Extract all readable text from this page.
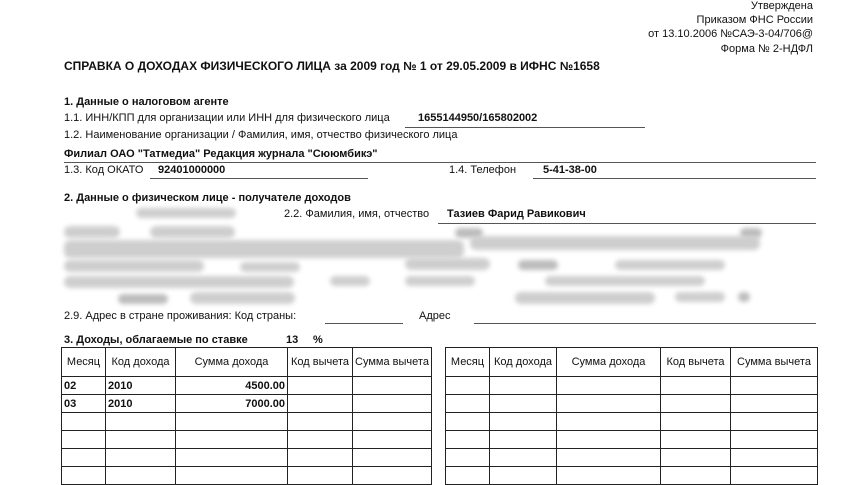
Утверждена
Приказом ФНС России
от 13.10.2006 №САЭ-3-04/706@
Форма № 2-НДФЛ
СПРАВКА О ДОХОДАХ ФИЗИЧЕСКОГО ЛИЦА за 2009 год № 1 от 29.05.2009 в ИФНС №1658
1. Данные о налоговом агенте
1.1. ИНН/КПП для организации или ИНН для физического лица	1655144950/165802002
1.2. Наименование организации / Фамилия, имя, отчество физического лица
Филиал ОАО "Татмедиа" Редакция журнала "Сююмбикэ"
1.3. Код ОКАТО 92401000000	1.4. Телефон 5-41-38-00
2. Данные о физическом лице - получателе доходов
2.2. Фамилия, имя, отчество Тазиев Фарид Равикович
2.9. Адрес в стране проживания: Код страны:	Адрес
3. Доходы, облагаемые по ставке	13 %
Месяц	Код дохода	Сумма дохода	Код вычета	Сумма вычета
02	2010	4500.00		
03	2010	7000.00		

Месяц	Код дохода	Сумма дохода	Код вычета	Сумма вычета
